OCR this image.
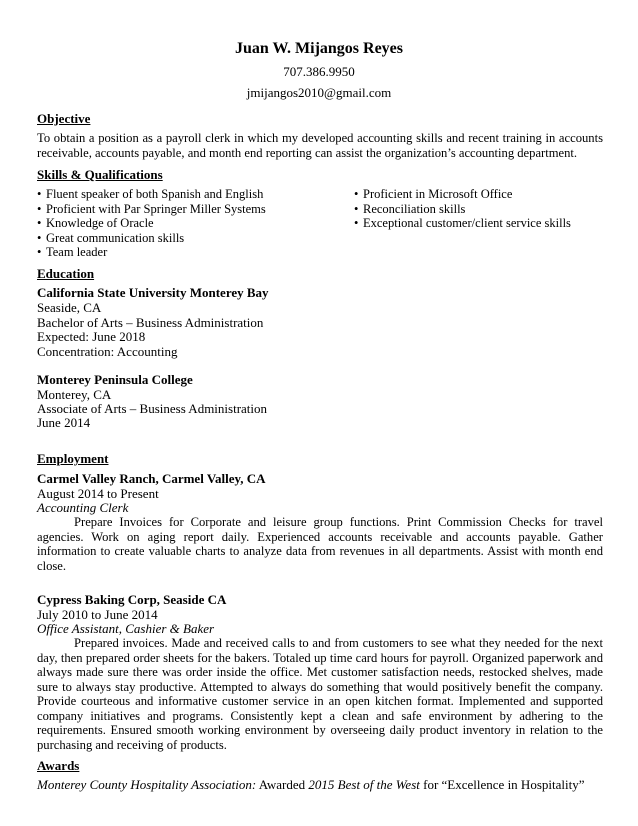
Juan W. Mijangos Reyes

707.386.9950

jmijangos2010@gmail.com

Objective

To obtain a position as a payroll clerk in which my developed accounting skills and recent training in accounts receivable, accounts payable, and month end reporting can assist the organization’s accounting department.

Skills & Qualifications

• Fluent speaker of both Spanish and English
• Proficient with Par Springer Miller Systems
• Knowledge of Oracle
• Great communication skills
• Team leader
• Proficient in Microsoft Office
• Reconciliation skills
• Exceptional customer/client service skills

Education

California State University Monterey Bay

Seaside, CA

Bachelor of Arts – Business Administration

Expected: June 2018

Concentration: Accounting

Monterey Peninsula College

Monterey, CA

Associate of Arts – Business Administration

June 2014

Employment

Carmel Valley Ranch, Carmel Valley, CA

August 2014 to Present

Accounting Clerk

Prepare Invoices for Corporate and leisure group functions. Print Commission Checks for travel agencies. Work on aging report daily. Experienced accounts receivable and accounts payable. Gather information to create valuable charts to analyze data from revenues in all departments. Assist with month end close.

Cypress Baking Corp, Seaside CA

July 2010 to June 2014

Office Assistant, Cashier & Baker

Prepared invoices. Made and received calls to and from customers to see what they needed for the next day, then prepared order sheets for the bakers. Totaled up time card hours for payroll. Organized paperwork and always made sure there was order inside the office. Met customer satisfaction needs, restocked shelves, made sure to always stay productive. Attempted to always do something that would positively benefit the company. Provide courteous and informative customer service in an open kitchen format. Implemented and supported company initiatives and programs. Consistently kept a clean and safe environment by adhering to the requirements. Ensured smooth working environment by overseeing daily product inventory in relation to the purchasing and receiving of products.

Awards

Monterey County Hospitality Association: Awarded 2015 Best of the West for “Excellence in Hospitality”
